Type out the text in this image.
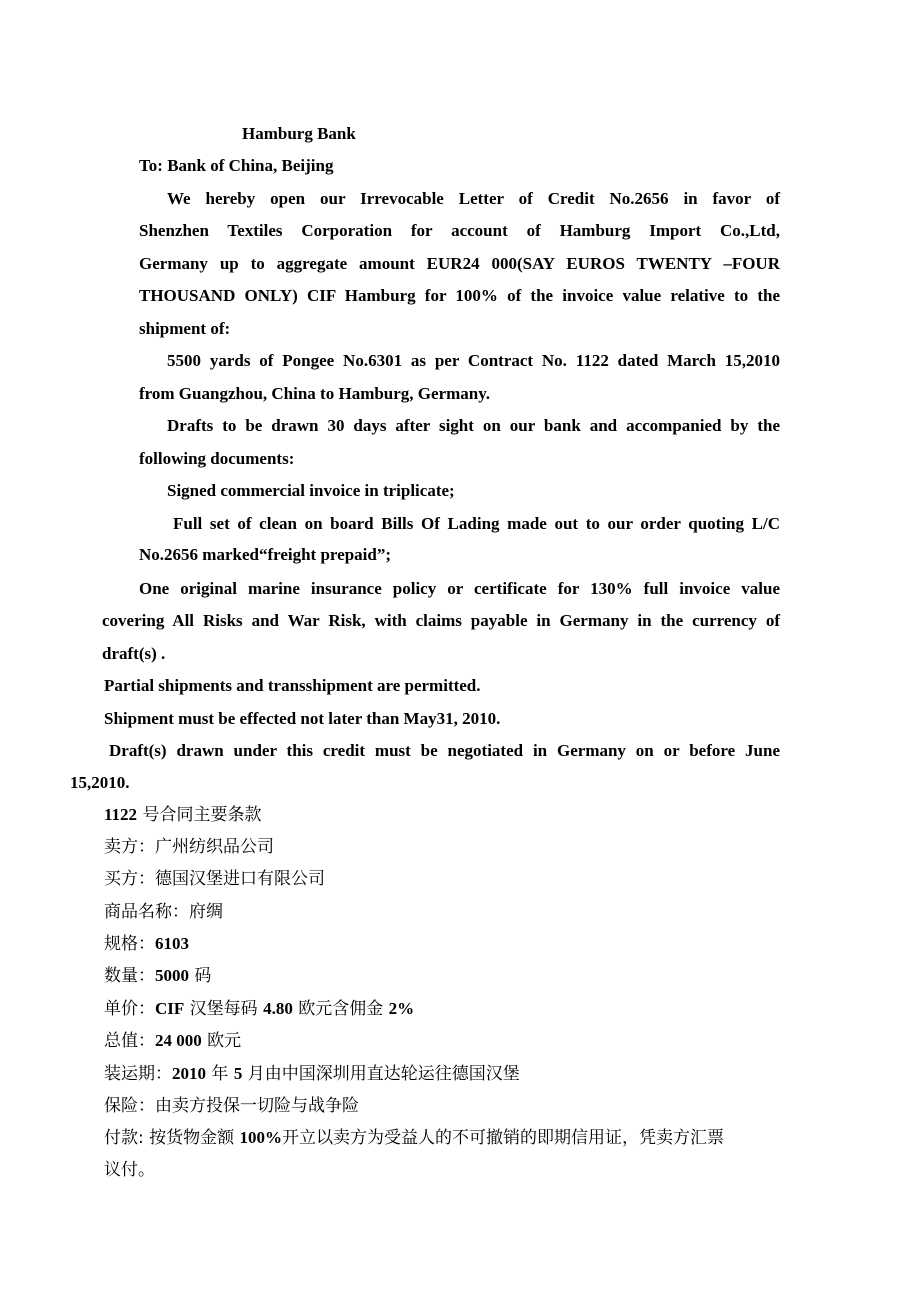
Hamburg Bank

To: Bank of China, Beijing

We hereby open our Irrevocable Letter of Credit No.2656 in favor of

Shenzhen Textiles Corporation for account of Hamburg Import Co.,Ltd,

Germany up to aggregate amount EUR24 000(SAY EUROS TWENTY –FOUR

THOUSAND ONLY) CIF Hamburg for 100% of the invoice value relative to the

shipment of:

5500 yards of Pongee No.6301 as per Contract No. 1122 dated March 15,2010

from Guangzhou, China to Hamburg, Germany.

Drafts to be drawn 30 days after sight on our bank and accompanied by the

following documents:

Signed commercial invoice in triplicate;

Full set of clean on board Bills Of Lading made out to our order quoting L/C

No.2656 marked“freight prepaid”;

One original marine insurance policy or certificate for 130% full invoice value

covering All Risks and War Risk, with claims payable in Germany in the currency of

draft(s) .

Partial shipments and transshipment are permitted.

Shipment must be effected not later than May31, 2010.

Draft(s) drawn under this credit must be negotiated in Germany on or before June

15,2010.

1122 号合同主要条款

卖方：广州纺织品公司

买方：德国汉堡进口有限公司

商品名称：府绸

规格：6103

数量：5000 码

单价：CIF 汉堡每码 4.80 欧元含佣金 2%

总值：24 000 欧元

装运期：2010 年 5 月由中国深圳用直达轮运往德国汉堡

保险：由卖方投保一切险与战争险

付款: 按货物金额 100%开立以卖方为受益人的不可撤销的即期信用证，凭卖方汇票

议付。
